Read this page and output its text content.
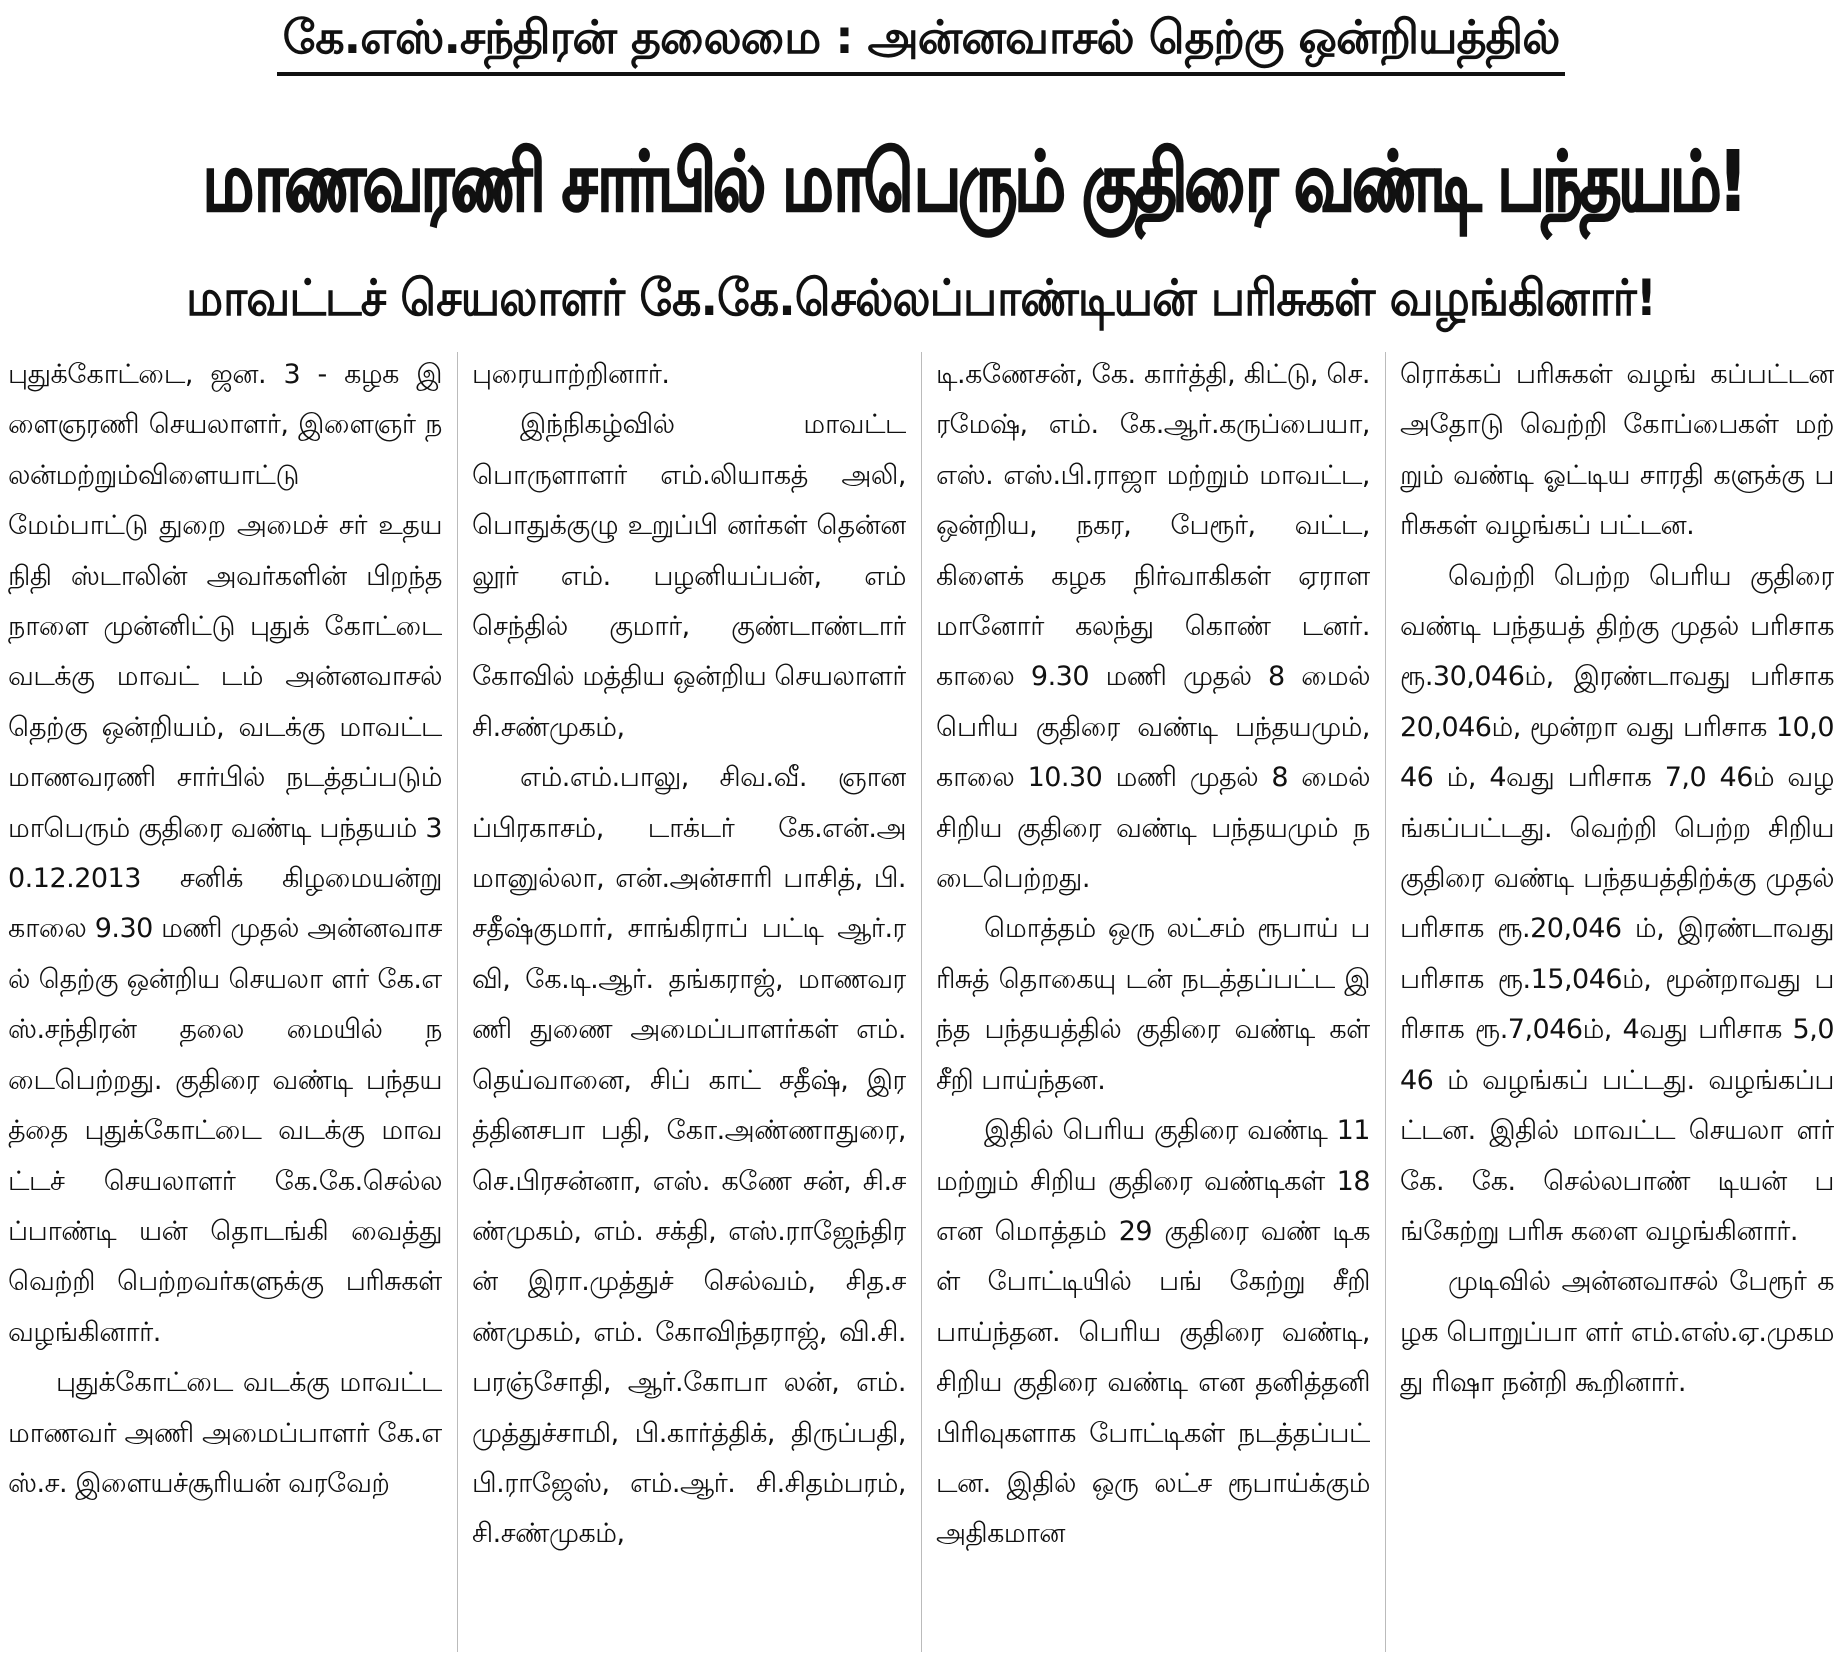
கே.எஸ்.சந்திரன் தலைமை : அன்னவாசல் தெற்கு ஒன்றியத்தில்
மாணவரணி சார்பில் மாபெரும் குதிரை வண்டி பந்தயம்!
மாவட்டச் செயலாளர் கே.கே.செல்லப்பாண்டியன் பரிசுகள் வழங்கினார்!

புதுக்கோட்டை, ஜன. 3 - கழக இளைஞரணி செயலாளர், இளைஞர் நலன்மற்றும்விளையாட்டு மேம்பாட்டு துறை அமைச் சர் உதயநிதி ஸ்டாலின் அவர்களின் பிறந்தநாளை முன்னிட்டு புதுக் கோட்டை வடக்கு மாவட் டம் அன்னவாசல் தெற்கு ஒன்றியம், வடக்கு மாவட்ட மாணவரணி சார்பில் நடத்தப்படும் மாபெரும் குதிரை வண்டி பந்தயம் 30.12.2013 சனிக் கிழமையன்று காலை 9.30 மணி முதல் அன்னவாசல் தெற்கு ஒன்றிய செயலா ளர் கே.எஸ்.சந்திரன் தலை மையில் நடைபெற்றது. குதிரை வண்டி பந்தயத்தை புதுக்கோட்டை வடக்கு மாவட்டச் செயலாளர் கே.கே.செல்லப்பாண்டி யன் தொடங்கி வைத்து வெற்றி பெற்றவர்களுக்கு பரிசுகள் வழங்கினார்.

புதுக்கோட்டை வடக்கு மாவட்ட மாணவர் அணி அமைப்பாளர் கே.எஸ்.ச. இளையச்சூரியன் வரவேற்

புரையாற்றினார்.

இந்நிகழ்வில் மாவட்ட பொருளாளர் எம்.லியாகத் அலி, பொதுக்குழு உறுப்பி னர்கள் தென்னலூர் எம். பழனியப்பன், எம் செந்தில் குமார், குண்டாண்டார் கோவில் மத்திய ஒன்றிய செயலாளர் சி.சண்முகம்,

எம்.எம்.பாலு, சிவ.வீ. ஞானப்பிரகாசம், டாக்டர் கே.என்.அமானுல்லா, என்.அன்சாரி பாசித், பி. சதீஷ்குமார், சாங்கிராப் பட்டி ஆர்.ரவி, கே.டி.ஆர். தங்கராஜ், மாணவரணி துணை அமைப்பாளர்கள் எம். தெய்வானை, சிப் காட் சதீஷ், இரத்தினசபா பதி, கோ.அண்ணாதுரை, செ.பிரசன்னா, எஸ். கணே சன், சி.சண்முகம், எம். சக்தி, எஸ்.ராஜேந்திரன் இரா.முத்துச் செல்வம், சித.சண்முகம், எம். கோவிந்தராஜ், வி.சி. பரஞ்சோதி, ஆர்.கோபா லன், எம்.முத்துச்சாமி, பி.கார்த்திக், திருப்பதி, பி.ராஜேஸ், எம்.ஆர். சி.சிதம்பரம், சி.சண்முகம்,

டி.கணேசன், கே. கார்த்தி, கிட்டு, செ.ரமேஷ், எம். கே.ஆர்.கருப்பையா, எஸ். எஸ்.பி.ராஜா மற்றும் மாவட்ட, ஒன்றிய, நகர, பேரூர், வட்ட, கிளைக் கழக நிர்வாகிகள் ஏராள மானோர் கலந்து கொண் டனர். காலை 9.30 மணி முதல் 8 மைல் பெரிய குதிரை வண்டி பந்தயமும், காலை 10.30 மணி முதல் 8 மைல் சிறிய குதிரை வண்டி பந்தயமும் நடைபெற்றது.

மொத்தம் ஒரு லட்சம் ரூபாய் பரிசுத் தொகையு டன் நடத்தப்பட்ட இந்த பந்தயத்தில் குதிரை வண்டி கள் சீறி பாய்ந்தன.

இதில் பெரிய குதிரை வண்டி 11 மற்றும் சிறிய குதிரை வண்டிகள் 18 என மொத்தம் 29 குதிரை வண் டிகள் போட்டியில் பங் கேற்று சீறி பாய்ந்தன. பெரிய குதிரை வண்டி, சிறிய குதிரை வண்டி என தனித்தனி பிரிவுகளாக போட்டிகள் நடத்தப்பட் டன. இதில் ஒரு லட்ச ரூபாய்க்கும் அதிகமான

ரொக்கப் பரிசுகள் வழங் கப்பட்டன அதோடு வெற்றி கோப்பைகள் மற் றும் வண்டி ஓட்டிய சாரதி களுக்கு பரிசுகள் வழங்கப் பட்டன.

வெற்றி பெற்ற பெரிய குதிரை வண்டி பந்தயத் திற்கு முதல் பரிசாக ரூ.30,046ம், இரண்டாவது பரிசாக 20,046ம், மூன்றா வது பரிசாக 10,046 ம், 4வது பரிசாக 7,0 46ம் வழங்கப்பட்டது. வெற்றி பெற்ற சிறிய குதிரை வண்டி பந்தயத்திற்க்கு முதல் பரிசாக ரூ.20,046 ம், இரண்டாவது பரிசாக ரூ.15,046ம், மூன்றாவது பரிசாக ரூ.7,046ம், 4வது பரிசாக 5,046 ம் வழங்கப் பட்டது. வழங்கப்பட்டன. இதில் மாவட்ட செயலா ளர் கே. கே. செல்லபாண் டியன் பங்கேற்று பரிசு களை வழங்கினார்.

முடிவில் அன்னவாசல் பேரூர் கழக பொறுப்பா ளர் எம்.எஸ்.ஏ.முகமது ரிஷா நன்றி கூறினார்.
